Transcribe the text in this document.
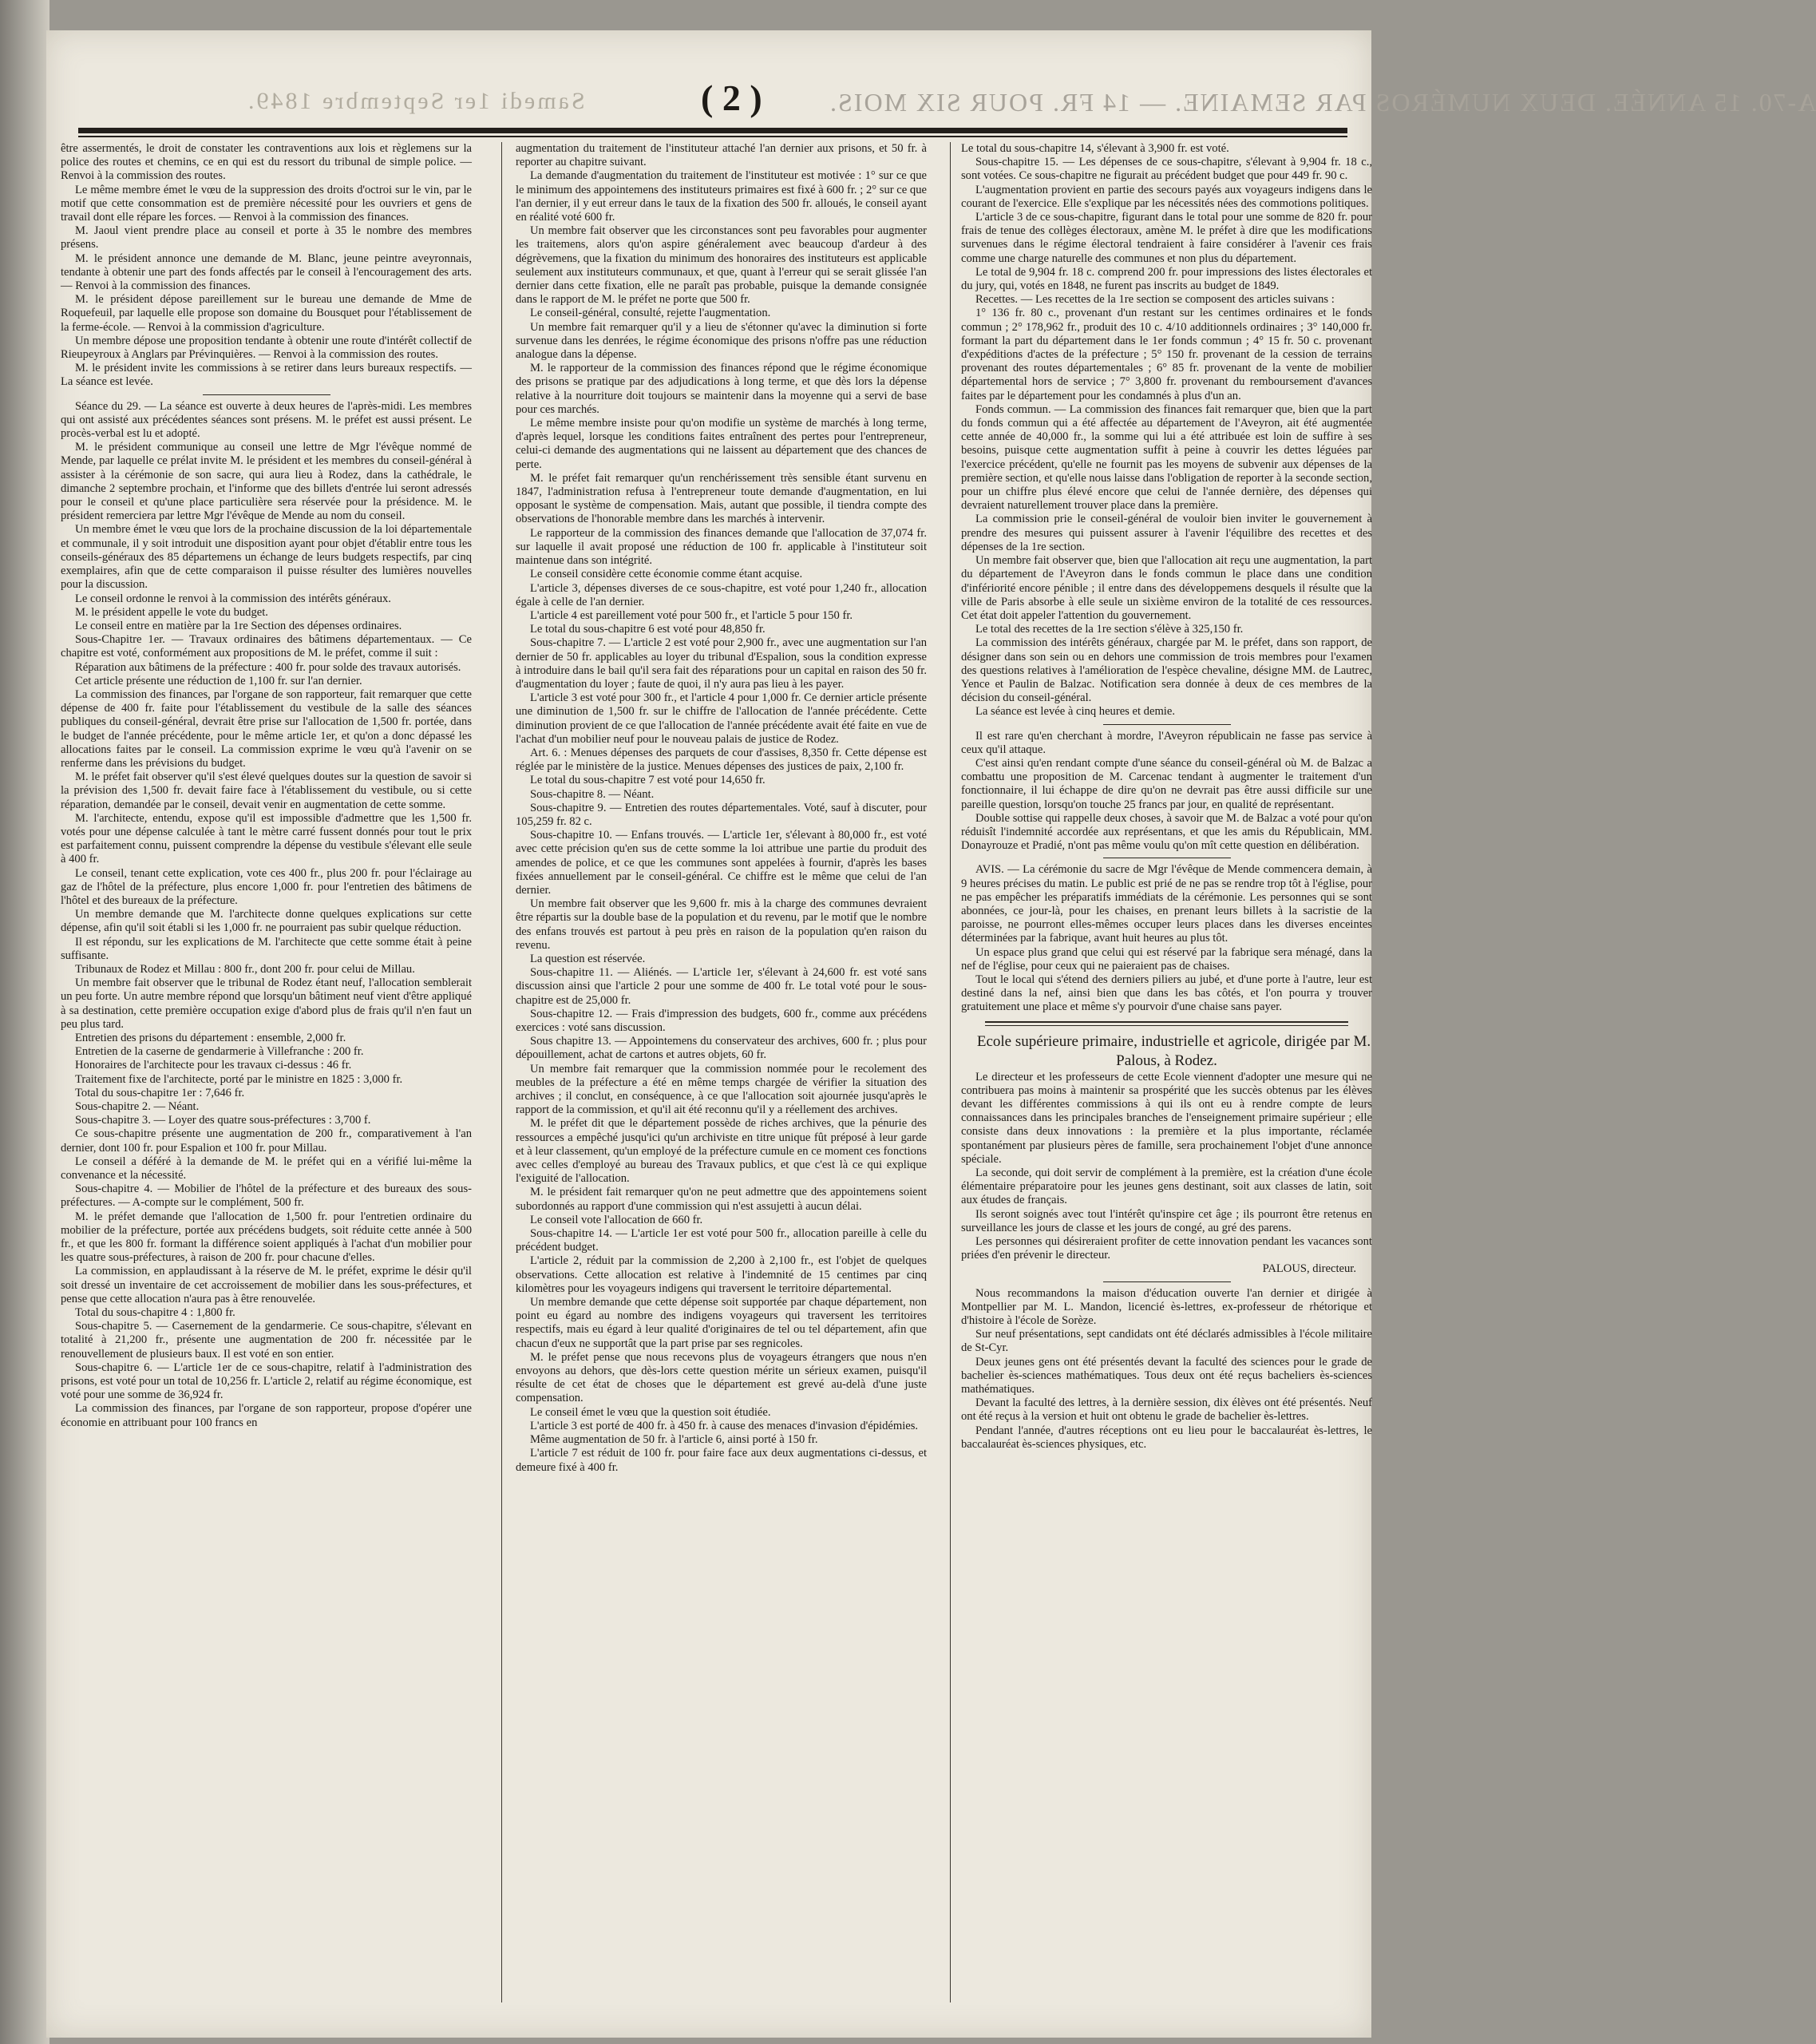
Samedi 1er Septembre 1849.	( 2 )	A-70. 15 ANNÉE. DEUX NUMÉROS PAR SEMAINE. — 14 FR. POUR SIX MOIS.

être assermentés, le droit de constater les contraventions aux lois et règlemens sur la police des routes et chemins, ce en qui est du ressort du tribunal de simple police. — Renvoi à la commission des routes.

Le même membre émet le vœu de la suppression des droits d'octroi sur le vin, par le motif que cette consommation est de première nécessité pour les ouvriers et gens de travail dont elle répare les forces. — Renvoi à la commission des finances.

M. Jaoul vient prendre place au conseil et porte à 35 le nombre des membres présens.

M. le président annonce une demande de M. Blanc, jeune peintre aveyronnais, tendante à obtenir une part des fonds affectés par le conseil à l'encouragement des arts. — Renvoi à la commission des finances.

M. le président dépose pareillement sur le bureau une demande de Mme de Roquefeuil, par laquelle elle propose son domaine du Bousquet pour l'établissement de la ferme-école. — Renvoi à la commission d'agriculture.

Un membre dépose une proposition tendante à obtenir une route d'intérêt collectif de Rieupeyroux à Anglars par Prévinquières. — Renvoi à la commission des routes.

M. le président invite les commissions à se retirer dans leurs bureaux respectifs. — La séance est levée.

Séance du 29. — La séance est ouverte à deux heures de l'après-midi. Les membres qui ont assisté aux précédentes séances sont présens. M. le préfet est aussi présent. Le procès-verbal est lu et adopté.

M. le président communique au conseil une lettre de Mgr l'évêque nommé de Mende, par laquelle ce prélat invite M. le président et les membres du conseil-général à assister à la cérémonie de son sacre, qui aura lieu à Rodez, dans la cathédrale, le dimanche 2 septembre prochain, et l'informe que des billets d'entrée lui seront adressés pour le conseil et qu'une place particulière sera réservée pour la présidence. M. le président remerciera par lettre Mgr l'évêque de Mende au nom du conseil.

Un membre émet le vœu que lors de la prochaine discussion de la loi départementale et communale, il y soit introduit une disposition ayant pour objet d'établir entre tous les conseils-généraux des 85 départemens un échange de leurs budgets respectifs, par cinq exemplaires, afin que de cette comparaison il puisse résulter des lumières nouvelles pour la discussion.

Le conseil ordonne le renvoi à la commission des intérêts généraux.

M. le président appelle le vote du budget.

Le conseil entre en matière par la 1re Section des dépenses ordinaires.

Sous-Chapitre 1er. — Travaux ordinaires des bâtimens départementaux. — Ce chapitre est voté, conformément aux propositions de M. le préfet, comme il suit :

Réparation aux bâtimens de la préfecture : 400 fr. pour solde des travaux autorisés.

Cet article présente une réduction de 1,100 fr. sur l'an dernier.

La commission des finances, par l'organe de son rapporteur, fait remarquer que cette dépense de 400 fr. faite pour l'établissement du vestibule de la salle des séances publiques du conseil-général, devrait être prise sur l'allocation de 1,500 fr. portée, dans le budget de l'année précédente, pour le même article 1er, et qu'on a donc dépassé les allocations faites par le conseil. La commission exprime le vœu qu'à l'avenir on se renferme dans les prévisions du budget.

M. le préfet fait observer qu'il s'est élevé quelques doutes sur la question de savoir si la prévision des 1,500 fr. devait faire face à l'établissement du vestibule, ou si cette réparation, demandée par le conseil, devait venir en augmentation de cette somme.

M. l'architecte, entendu, expose qu'il est impossible d'admettre que les 1,500 fr. votés pour une dépense calculée à tant le mètre carré fussent donnés pour tout le prix est parfaitement connu, puissent comprendre la dépense du vestibule s'élevant elle seule à 400 fr.

Le conseil, tenant cette explication, vote ces 400 fr., plus 200 fr. pour l'éclairage au gaz de l'hôtel de la préfecture, plus encore 1,000 fr. pour l'entretien des bâtimens de l'hôtel et des bureaux de la préfecture.

Un membre demande que M. l'architecte donne quelques explications sur cette dépense, afin qu'il soit établi si les 1,000 fr. ne pourraient pas subir quelque réduction.

Il est répondu, sur les explications de M. l'architecte que cette somme était à peine suffisante.

Tribunaux de Rodez et Millau : 800 fr., dont 200 fr. pour celui de Millau.

Un membre fait observer que le tribunal de Rodez étant neuf, l'allocation semblerait un peu forte. Un autre membre répond que lorsqu'un bâtiment neuf vient d'être appliqué à sa destination, cette première occupation exige d'abord plus de frais qu'il n'en faut un peu plus tard.

Entretien des prisons du département : ensemble, 2,000 fr.

Entretien de la caserne de gendarmerie à Villefranche : 200 fr.

Honoraires de l'architecte pour les travaux ci-dessus : 46 fr.

Traitement fixe de l'architecte, porté par le ministre en 1825 : 3,000 fr.

Total du sous-chapitre 1er : 7,646 fr.

Sous-chapitre 2. — Néant.

Sous-chapitre 3. — Loyer des quatre sous-préfectures : 3,700 f.

Ce sous-chapitre présente une augmentation de 200 fr., comparativement à l'an dernier, dont 100 fr. pour Espalion et 100 fr. pour Millau.

Le conseil a déféré à la demande de M. le préfet qui en a vérifié lui-même la convenance et la nécessité.

Sous-chapitre 4. — Mobilier de l'hôtel de la préfecture et des bureaux des sous-préfectures. — A-compte sur le complément, 500 fr.

M. le préfet demande que l'allocation de 1,500 fr. pour l'entretien ordinaire du mobilier de la préfecture, portée aux précédens budgets, soit réduite cette année à 500 fr., et que les 800 fr. formant la différence soient appliqués à l'achat d'un mobilier pour les quatre sous-préfectures, à raison de 200 fr. pour chacune d'elles.

La commission, en applaudissant à la réserve de M. le préfet, exprime le désir qu'il soit dressé un inventaire de cet accroissement de mobilier dans les sous-préfectures, et pense que cette allocation n'aura pas à être renouvelée.

Total du sous-chapitre 4 : 1,800 fr.

Sous-chapitre 5. — Casernement de la gendarmerie. Ce sous-chapitre, s'élevant en totalité à 21,200 fr., présente une augmentation de 200 fr. nécessitée par le renouvellement de plusieurs baux. Il est voté en son entier.

Sous-chapitre 6. — L'article 1er de ce sous-chapitre, relatif à l'administration des prisons, est voté pour un total de 10,256 fr. L'article 2, relatif au régime économique, est voté pour une somme de 36,924 fr.

La commission des finances, par l'organe de son rapporteur, propose d'opérer une économie en attribuant pour 100 francs en

augmentation du traitement de l'instituteur attaché l'an dernier aux prisons, et 50 fr. à reporter au chapitre suivant.

La demande d'augmentation du traitement de l'instituteur est motivée : 1° sur ce que le minimum des appointemens des instituteurs primaires est fixé à 600 fr. ; 2° sur ce que l'an dernier, il y eut erreur dans le taux de la fixation des 500 fr. alloués, le conseil ayant en réalité voté 600 fr.

Un membre fait observer que les circonstances sont peu favorables pour augmenter les traitemens, alors qu'on aspire généralement avec beaucoup d'ardeur à des dégrèvemens, que la fixation du minimum des honoraires des instituteurs est applicable seulement aux instituteurs communaux, et que, quant à l'erreur qui se serait glissée l'an dernier dans cette fixation, elle ne paraît pas probable, puisque la demande consignée dans le rapport de M. le préfet ne porte que 500 fr.

Le conseil-général, consulté, rejette l'augmentation.

Un membre fait remarquer qu'il y a lieu de s'étonner qu'avec la diminution si forte survenue dans les denrées, le régime économique des prisons n'offre pas une réduction analogue dans la dépense.

M. le rapporteur de la commission des finances répond que le régime économique des prisons se pratique par des adjudications à long terme, et que dès lors la dépense relative à la nourriture doit toujours se maintenir dans la moyenne qui a servi de base pour ces marchés.

Le même membre insiste pour qu'on modifie un système de marchés à long terme, d'après lequel, lorsque les conditions faites entraînent des pertes pour l'entrepreneur, celui-ci demande des augmentations qui ne laissent au département que des chances de perte.

M. le préfet fait remarquer qu'un renchérissement très sensible étant survenu en 1847, l'administration refusa à l'entrepreneur toute demande d'augmentation, en lui opposant le système de compensation. Mais, autant que possible, il tiendra compte des observations de l'honorable membre dans les marchés à intervenir.

Le rapporteur de la commission des finances demande que l'allocation de 37,074 fr. sur laquelle il avait proposé une réduction de 100 fr. applicable à l'instituteur soit maintenue dans son intégrité.

Le conseil considère cette économie comme étant acquise.

L'article 3, dépenses diverses de ce sous-chapitre, est voté pour 1,240 fr., allocation égale à celle de l'an dernier.

L'article 4 est pareillement voté pour 500 fr., et l'article 5 pour 150 fr.

Le total du sous-chapitre 6 est voté pour 48,850 fr.

Sous-chapitre 7. — L'article 2 est voté pour 2,900 fr., avec une augmentation sur l'an dernier de 50 fr. applicables au loyer du tribunal d'Espalion, sous la condition expresse à introduire dans le bail qu'il sera fait des réparations pour un capital en raison des 50 fr. d'augmentation du loyer ; faute de quoi, il n'y aura pas lieu à les payer.

L'article 3 est voté pour 300 fr., et l'article 4 pour 1,000 fr. Ce dernier article présente une diminution de 1,500 fr. sur le chiffre de l'allocation de l'année précédente. Cette diminution provient de ce que l'allocation de l'année précédente avait été faite en vue de l'achat d'un mobilier neuf pour le nouveau palais de justice de Rodez.

Art. 6. : Menues dépenses des parquets de cour d'assises, 8,350 fr. Cette dépense est réglée par le ministère de la justice. Menues dépenses des justices de paix, 2,100 fr.

Le total du sous-chapitre 7 est voté pour 14,650 fr.

Sous-chapitre 8. — Néant.

Sous-chapitre 9. — Entretien des routes départementales. Voté, sauf à discuter, pour 105,259 fr. 82 c.

Sous-chapitre 10. — Enfans trouvés. — L'article 1er, s'élevant à 80,000 fr., est voté avec cette précision qu'en sus de cette somme la loi attribue une partie du produit des amendes de police, et ce que les communes sont appelées à fournir, d'après les bases fixées annuellement par le conseil-général. Ce chiffre est le même que celui de l'an dernier.

Un membre fait observer que les 9,600 fr. mis à la charge des communes devraient être répartis sur la double base de la population et du revenu, par le motif que le nombre des enfans trouvés est partout à peu près en raison de la population qu'en raison du revenu.

La question est réservée.

Sous-chapitre 11. — Aliénés. — L'article 1er, s'élevant à 24,600 fr. est voté sans discussion ainsi que l'article 2 pour une somme de 400 fr. Le total voté pour le sous-chapitre est de 25,000 fr.

Sous-chapitre 12. — Frais d'impression des budgets, 600 fr., comme aux précédens exercices : voté sans discussion.

Sous chapitre 13. — Appointemens du conservateur des archives, 600 fr. ; plus pour dépouillement, achat de cartons et autres objets, 60 fr.

Un membre fait remarquer que la commission nommée pour le recolement des meubles de la préfecture a été en même temps chargée de vérifier la situation des archives ; il conclut, en conséquence, à ce que l'allocation soit ajournée jusqu'après le rapport de la commission, et qu'il ait été reconnu qu'il y a réellement des archives.

M. le préfet dit que le département possède de riches archives, que la pénurie des ressources a empêché jusqu'ici qu'un archiviste en titre unique fût préposé à leur garde et à leur classement, qu'un employé de la préfecture cumule en ce moment ces fonctions avec celles d'employé au bureau des Travaux publics, et que c'est là ce qui explique l'exiguité de l'allocation.

M. le président fait remarquer qu'on ne peut admettre que des appointemens soient subordonnés au rapport d'une commission qui n'est assujetti à aucun délai.

Le conseil vote l'allocation de 660 fr.

Sous-chapitre 14. — L'article 1er est voté pour 500 fr., allocation pareille à celle du précédent budget.

L'article 2, réduit par la commission de 2,200 à 2,100 fr., est l'objet de quelques observations. Cette allocation est relative à l'indemnité de 15 centimes par cinq kilomètres pour les voyageurs indigens qui traversent le territoire départemental.

Un membre demande que cette dépense soit supportée par chaque département, non point eu égard au nombre des indigens voyageurs qui traversent les territoires respectifs, mais eu égard à leur qualité d'originaires de tel ou tel département, afin que chacun d'eux ne supportât que la part prise par ses regnicoles.

M. le préfet pense que nous recevons plus de voyageurs étrangers que nous n'en envoyons au dehors, que dès-lors cette question mérite un sérieux examen, puisqu'il résulte de cet état de choses que le département est grevé au-delà d'une juste compensation.

Le conseil émet le vœu que la question soit étudiée.

L'article 3 est porté de 400 fr. à 450 fr. à cause des menaces d'invasion d'épidémies.

Même augmentation de 50 fr. à l'article 6, ainsi porté à 150 fr.

L'article 7 est réduit de 100 fr. pour faire face aux deux augmentations ci-dessus, et demeure fixé à 400 fr.

Le total du sous-chapitre 14, s'élevant à 3,900 fr. est voté.

Sous-chapitre 15. — Les dépenses de ce sous-chapitre, s'élevant à 9,904 fr. 18 c., sont votées. Ce sous-chapitre ne figurait au précédent budget que pour 449 fr. 90 c.

L'augmentation provient en partie des secours payés aux voyageurs indigens dans le courant de l'exercice. Elle s'explique par les nécessités nées des commotions politiques.

L'article 3 de ce sous-chapitre, figurant dans le total pour une somme de 820 fr. pour frais de tenue des collèges électoraux, amène M. le préfet à dire que les modifications survenues dans le régime électoral tendraient à faire considérer à l'avenir ces frais comme une charge naturelle des communes et non plus du département.

Le total de 9,904 fr. 18 c. comprend 200 fr. pour impressions des listes électorales et du jury, qui, votés en 1848, ne furent pas inscrits au budget de 1849.

Recettes. — Les recettes de la 1re section se composent des articles suivans :

1° 136 fr. 80 c., provenant d'un restant sur les centimes ordinaires et le fonds commun ; 2° 178,962 fr., produit des 10 c. 4/10 additionnels ordinaires ; 3° 140,000 fr. formant la part du département dans le 1er fonds commun ; 4° 15 fr. 50 c. provenant d'expéditions d'actes de la préfecture ; 5° 150 fr. provenant de la cession de terrains provenant des routes départementales ; 6° 85 fr. provenant de la vente de mobilier départemental hors de service ; 7° 3,800 fr. provenant du remboursement d'avances faites par le département pour les condamnés à plus d'un an.

Fonds commun. — La commission des finances fait remarquer que, bien que la part du fonds commun qui a été affectée au département de l'Aveyron, ait été augmentée cette année de 40,000 fr., la somme qui lui a été attribuée est loin de suffire à ses besoins, puisque cette augmentation suffit à peine à couvrir les dettes léguées par l'exercice précédent, qu'elle ne fournit pas les moyens de subvenir aux dépenses de la première section, et qu'elle nous laisse dans l'obligation de reporter à la seconde section, pour un chiffre plus élevé encore que celui de l'année dernière, des dépenses qui devraient naturellement trouver place dans la première.

La commission prie le conseil-général de vouloir bien inviter le gouvernement à prendre des mesures qui puissent assurer à l'avenir l'équilibre des recettes et des dépenses de la 1re section.

Un membre fait observer que, bien que l'allocation ait reçu une augmentation, la part du département de l'Aveyron dans le fonds commun le place dans une condition d'infériorité encore pénible ; il entre dans des développemens desquels il résulte que la ville de Paris absorbe à elle seule un sixième environ de la totalité de ces ressources. Cet état doit appeler l'attention du gouvernement.

Le total des recettes de la 1re section s'élève à 325,150 fr.

La commission des intérêts généraux, chargée par M. le préfet, dans son rapport, de désigner dans son sein ou en dehors une commission de trois membres pour l'examen des questions relatives à l'amélioration de l'espèce chevaline, désigne MM. de Lautrec, Yence et Paulin de Balzac. Notification sera donnée à deux de ces membres de la décision du conseil-général.

La séance est levée à cinq heures et demie.

Il est rare qu'en cherchant à mordre, l'Aveyron républicain ne fasse pas service à ceux qu'il attaque.

C'est ainsi qu'en rendant compte d'une séance du conseil-général où M. de Balzac a combattu une proposition de M. Carcenac tendant à augmenter le traitement d'un fonctionnaire, il lui échappe de dire qu'on ne devrait pas être aussi difficile sur une pareille question, lorsqu'on touche 25 francs par jour, en qualité de représentant.

Double sottise qui rappelle deux choses, à savoir que M. de Balzac a voté pour qu'on réduisît l'indemnité accordée aux représentans, et que les amis du Républicain, MM. Donayrouze et Pradié, n'ont pas même voulu qu'on mît cette question en délibération.

AVIS. — La cérémonie du sacre de Mgr l'évêque de Mende commencera demain, à 9 heures précises du matin. Le public est prié de ne pas se rendre trop tôt à l'église, pour ne pas empêcher les préparatifs immédiats de la cérémonie. Les personnes qui se sont abonnées, ce jour-là, pour les chaises, en prenant leurs billets à la sacristie de la paroisse, ne pourront elles-mêmes occuper leurs places dans les diverses enceintes déterminées par la fabrique, avant huit heures au plus tôt.

Un espace plus grand que celui qui est réservé par la fabrique sera ménagé, dans la nef de l'église, pour ceux qui ne paieraient pas de chaises.

Tout le local qui s'étend des derniers piliers au jubé, et d'une porte à l'autre, leur est destiné dans la nef, ainsi bien que dans les bas côtés, et l'on pourra y trouver gratuitement une place et même s'y pourvoir d'une chaise sans payer.

Ecole supérieure primaire, industrielle et agricole, dirigée par M. Palous, à Rodez.

Le directeur et les professeurs de cette Ecole viennent d'adopter une mesure qui ne contribuera pas moins à maintenir sa prospérité que les succès obtenus par les élèves devant les différentes commissions à qui ils ont eu à rendre compte de leurs connaissances dans les principales branches de l'enseignement primaire supérieur ; elle consiste dans deux innovations : la première et la plus importante, réclamée spontanément par plusieurs pères de famille, sera prochainement l'objet d'une annonce spéciale.

La seconde, qui doit servir de complément à la première, est la création d'une école élémentaire préparatoire pour les jeunes gens destinant, soit aux classes de latin, soit aux études de français.

Ils seront soignés avec tout l'intérêt qu'inspire cet âge ; ils pourront être retenus en surveillance les jours de classe et les jours de congé, au gré des parens.

Les personnes qui désireraient profiter de cette innovation pendant les vacances sont priées d'en prévenir le directeur.

PALOUS, directeur.

Nous recommandons la maison d'éducation ouverte l'an dernier et dirigée à Montpellier par M. L. Mandon, licencié ès-lettres, ex-professeur de rhétorique et d'histoire à l'école de Sorèze.

Sur neuf présentations, sept candidats ont été déclarés admissibles à l'école militaire de St-Cyr.

Deux jeunes gens ont été présentés devant la faculté des sciences pour le grade de bachelier ès-sciences mathématiques. Tous deux ont été reçus bacheliers ès-sciences mathématiques.

Devant la faculté des lettres, à la dernière session, dix élèves ont été présentés. Neuf ont été reçus à la version et huit ont obtenu le grade de bachelier ès-lettres.

Pendant l'année, d'autres réceptions ont eu lieu pour le baccalauréat ès-lettres, le baccalauréat ès-sciences physiques, etc.
